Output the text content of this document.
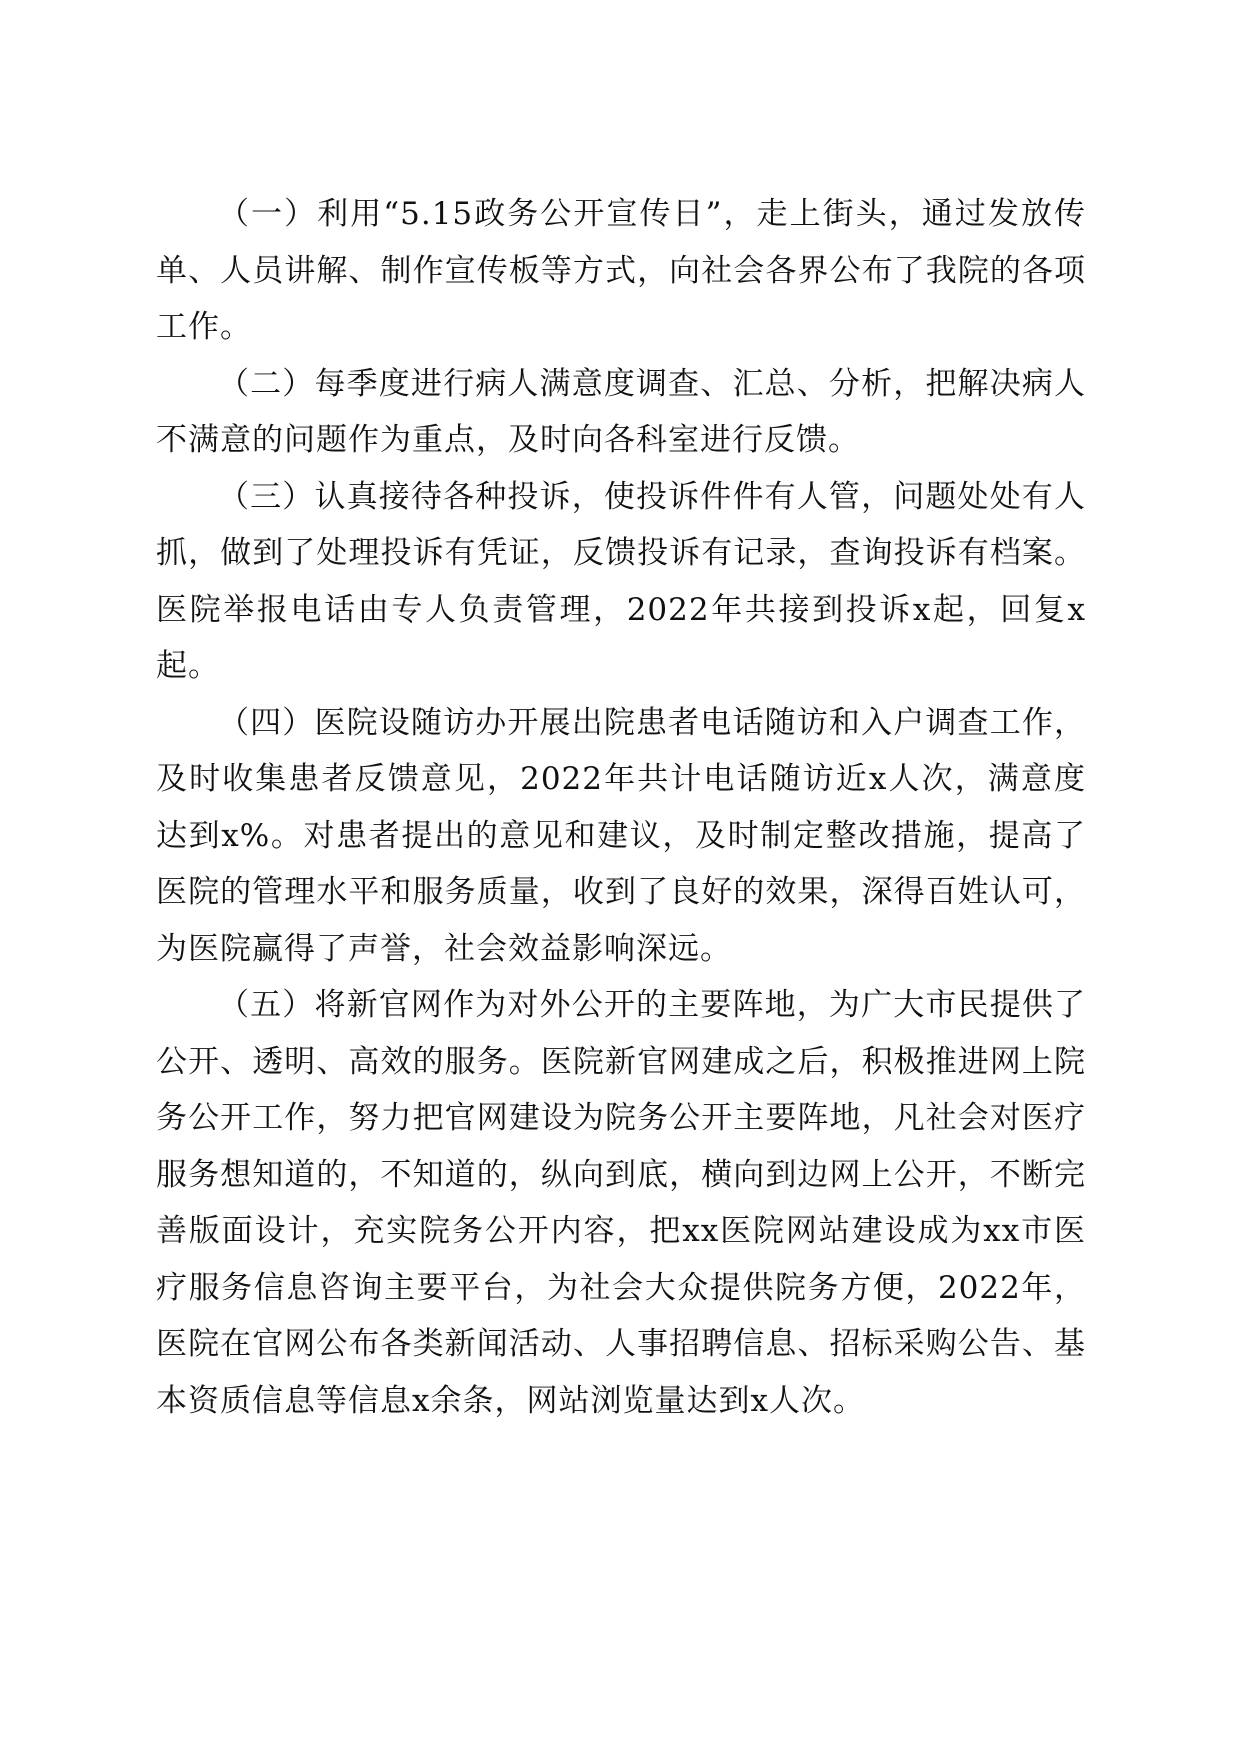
（一）利用“5.15政务公开宣传日”，走上街头，通过发放传单、人员讲解、制作宣传板等方式，向社会各界公布了我院的各项工作。

（二）每季度进行病人满意度调查、汇总、分析，把解决病人不满意的问题作为重点，及时向各科室进行反馈。

（三）认真接待各种投诉，使投诉件件有人管，问题处处有人抓，做到了处理投诉有凭证，反馈投诉有记录，查询投诉有档案。医院举报电话由专人负责管理，2022年共接到投诉x起，回复x起。

（四）医院设随访办开展出院患者电话随访和入户调查工作，及时收集患者反馈意见，2022年共计电话随访近x人次，满意度达到x%。对患者提出的意见和建议，及时制定整改措施，提高了医院的管理水平和服务质量，收到了良好的效果，深得百姓认可，为医院赢得了声誉，社会效益影响深远。

（五）将新官网作为对外公开的主要阵地，为广大市民提供了公开、透明、高效的服务。医院新官网建成之后，积极推进网上院务公开工作，努力把官网建设为院务公开主要阵地，凡社会对医疗服务想知道的，不知道的，纵向到底，横向到边网上公开，不断完善版面设计，充实院务公开内容，把xx医院网站建设成为xx市医疗服务信息咨询主要平台，为社会大众提供院务方便，2022年，医院在官网公布各类新闻活动、人事招聘信息、招标采购公告、基本资质信息等信息x余条，网站浏览量达到x人次。
